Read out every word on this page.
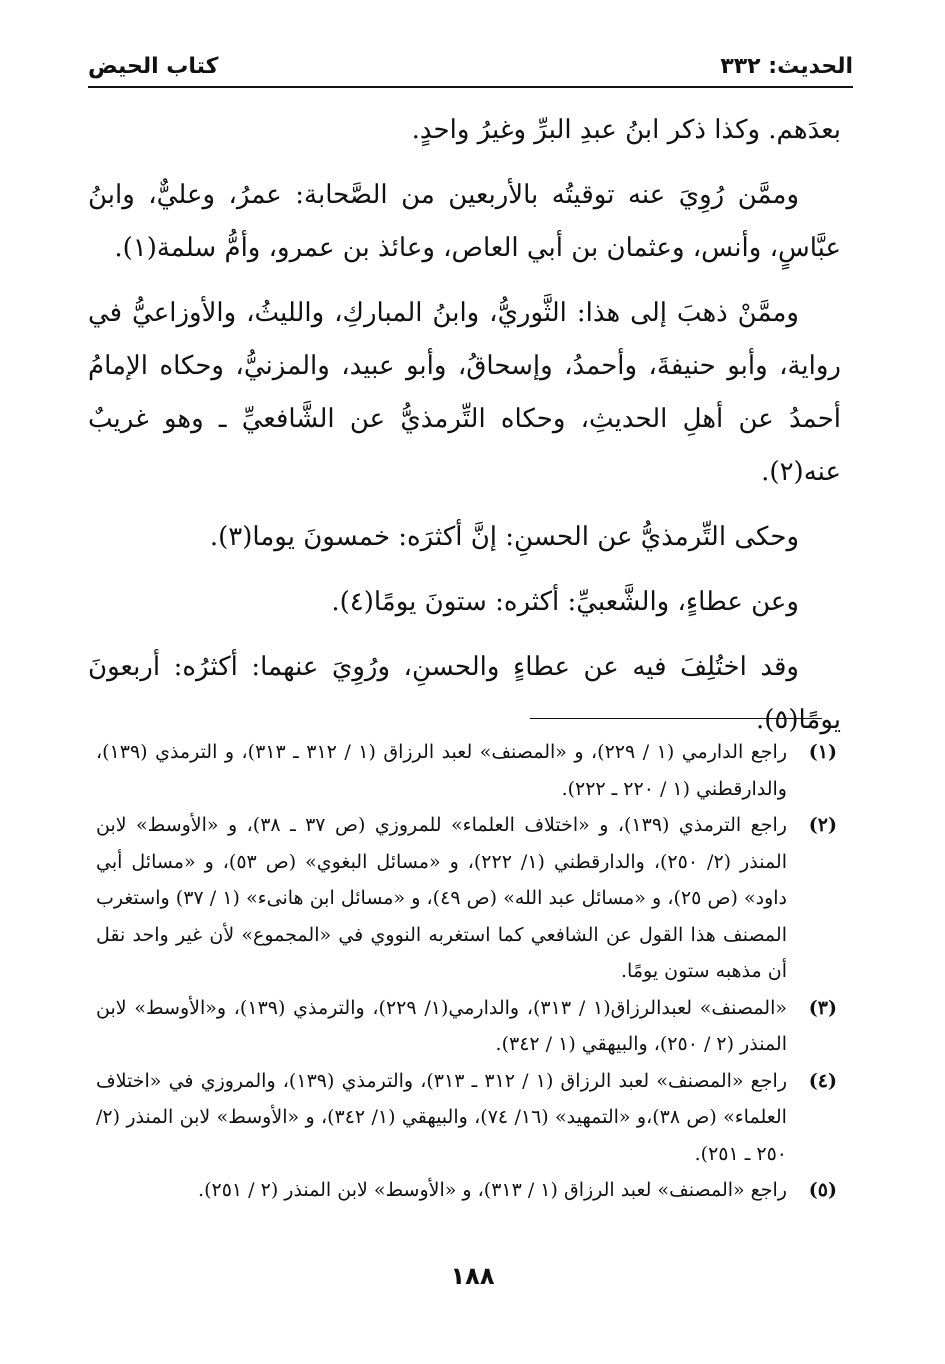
الحديث: ٣٣٢
كتاب الحيض

بعدَهم. وكذا ذكر ابنُ عبدِ البرِّ وغيرُ واحدٍ.

وممَّن رُوِيَ عنه توقيتُه بالأربعين من الصَّحابة: عمرُ، وعليٌّ، وابنُ عبَّاسٍ، وأنس، وعثمان بن أبي العاص، وعائذ بن عمرو، وأمُّ سلمة(١).

وممَّنْ ذهبَ إلى هذا: الثَّوريُّ، وابنُ المباركِ، والليثُ، والأوزاعيُّ في رواية، وأبو حنيفةَ، وأحمدُ، وإسحاقُ، وأبو عبيد، والمزنيُّ، وحكاه الإمامُ أحمدُ عن أهلِ الحديثِ، وحكاه التِّرمذيُّ عن الشَّافعيِّ ـ وهو غريبٌ عنه(٢).

وحكى التِّرمذيُّ عن الحسنِ: إنَّ أكثرَه: خمسونَ يوما(٣).

وعن عطاءٍ، والشَّعبيِّ: أكثره: ستونَ يومًا(٤).

وقد اختُلِفَ فيه عن عطاءٍ والحسنِ، ورُوِيَ عنهما: أكثرُه: أربعونَ يومًا(٥).

(١)
راجع الدارمي (١ / ٢٢٩)، و «المصنف» لعبد الرزاق (١ / ٣١٢ ـ ٣١٣)، و الترمذي (١٣٩)، والدارقطني (١ / ٢٢٠ ـ ٢٢٢).
(٢)
راجع الترمذي (١٣٩)، و «اختلاف العلماء» للمروزي (ص ٣٧ ـ ٣٨)، و «الأوسط» لابن المنذر (٢/ ٢٥٠)، والدارقطني (١/ ٢٢٢)، و «مسائل البغوي» (ص ٥٣)، و «مسائل أبي داود» (ص ٢٥)، و «مسائل عبد الله» (ص ٤٩)، و «مسائل ابن هانىء» (١ / ٣٧) واستغرب المصنف هذا القول عن الشافعي كما استغربه النووي في «المجموع» لأن غير واحد نقل أن مذهبه ستون يومًا.
(٣)
«المصنف» لعبدالرزاق(١ / ٣١٣)، والدارمي(١/ ٢٢٩)، والترمذي (١٣٩)، و«الأوسط» لابن المنذر (٢ / ٢٥٠)، والبيهقي (١ / ٣٤٢).
(٤)
راجع «المصنف» لعبد الرزاق (١ / ٣١٢ ـ ٣١٣)، والترمذي (١٣٩)، والمروزي في «اختلاف العلماء» (ص ٣٨)،و «التمهيد» (١٦/ ٧٤)، والبيهقي (١/ ٣٤٢)، و «الأوسط» لابن المنذر (٢/ ٢٥٠ ـ ٢٥١).
(٥)
راجع «المصنف» لعبد الرزاق (١ / ٣١٣)، و «الأوسط» لابن المنذر (٢ / ٢٥١).
١٨٨
